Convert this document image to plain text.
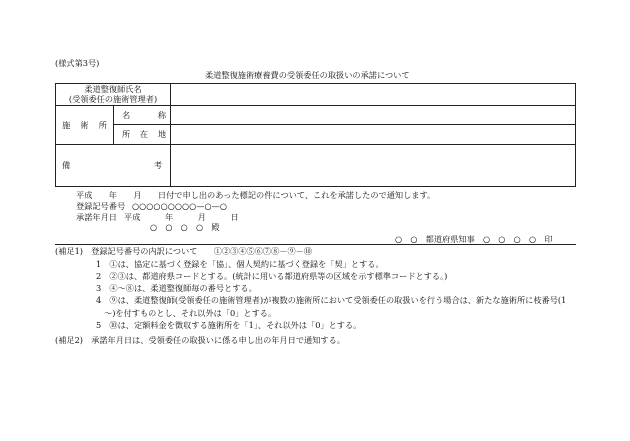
(様式第3号)
柔道整復施術療養費の受領委任の取扱いの承諾について
柔道整復師氏名
(受領委任の施術管理者)		

施 術 所	名 称	

	所 在 地	

備 考		

平成　　年　　月　　日付で申し出のあった標記の件について、これを承諾したので通知します。
登録記号番号 ○○○○○○○○○—○—○
承諾年月日 平成　　　年　　　月　　　日
○　○　○　○　殿
○　○　都道府県知事　○　○　○　○　印
(補足1)　登録記号番号の内訳について　　①②③④⑤⑥⑦⑧－⑨－⑩
1　①は、協定に基づく登録を「協」、個人契約に基づく登録を「契」とする。
2　②③は、都道府県コードとする。(統計に用いる都道府県等の区域を示す標準コードとする。)
3　④～⑧は、柔道整復師毎の番号とする。
4　⑨は、柔道整復師(受領委任の施術管理者)が複数の施術所において受領委任の取扱いを行う場合は、新たな施術所に枝番号(1
～)を付すものとし、それ以外は「0」とする。
5　⑩は、定額料金を徴収する施術所を「1」、それ以外は「0」とする。
(補足2)　承諾年月日は、受領委任の取扱いに係る申し出の年月日で通知する。
